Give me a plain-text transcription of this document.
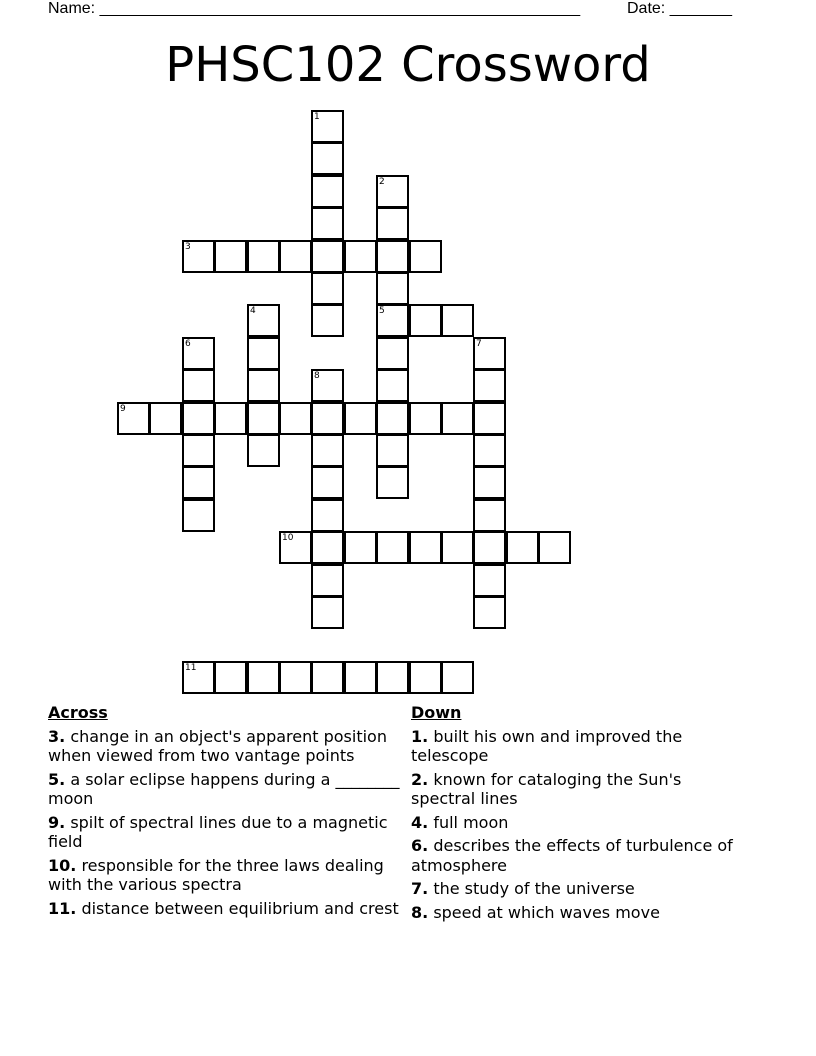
Name: ______________________________________________________	Date: _______
PHSC102 Crossword
1
2
5
3
4
6	7
8
9
10
11
Across
3. change in an object's apparent position when viewed from two vantage points
5. a solar eclipse happens during a ________ moon
9. spilt of spectral lines due to a magnetic field
10. responsible for the three laws dealing with the various spectra
11. distance between equilibrium and crest
Down
1. built his own and improved the telescope
2. known for cataloging the Sun's spectral lines
4. full moon
6. describes the effects of turbulence of atmosphere
7. the study of the universe
8. speed at which waves move
